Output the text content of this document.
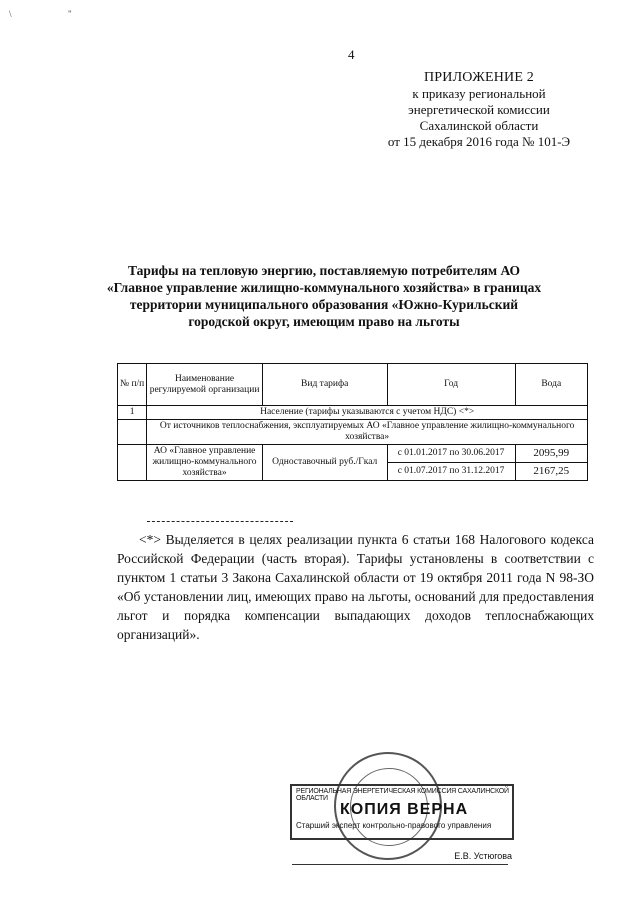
\	"
4
ПРИЛОЖЕНИЕ 2
к приказу региональной
энергетической комиссии
Сахалинской области
от 15 декабря 2016 года № 101-Э
Тарифы на тепловую энергию, поставляемую потребителям АО
«Главное управление жилищно-коммунального хозяйства» в границах
территории муниципального образования «Южно-Курильский
городской округ, имеющим право на льготы
№ п/п	Наименование регулируемой организации	Вид тарифа	Год	Вода
1	Население (тарифы указываются с учетом НДС) <*>			
	От источников теплоснабжения, эксплуатируемых АО «Главное управление жилищно-коммунального хозяйства»			
	АО «Главное управление жилищно-коммунального хозяйства»	Одноставочный руб./Гкал	с 01.01.2017 по 30.06.2017	2095,99
			с 01.07.2017 по 31.12.2017	2167,25
<*> Выделяется в целях реализации пункта 6 статьи 168 Налогового кодекса Российской Федерации (часть вторая). Тарифы установлены в соответствии с пунктом 1 статьи 3 Закона Сахалинской области от 19 октября 2011 года N 98-ЗО «Об установлении лиц, имеющих право на льготы, оснований для предоставления льгот и порядка компенсации выпадающих доходов теплоснабжающих организаций».
РЕГИОНАЛЬНАЯ ЭНЕРГЕТИЧЕСКАЯ КОМИССИЯ САХАЛИНСКОЙ ОБЛАСТИ
КОПИЯ ВЕРНА
Старший эксперт контрольно-правового управления
Е.В. Устюгова
